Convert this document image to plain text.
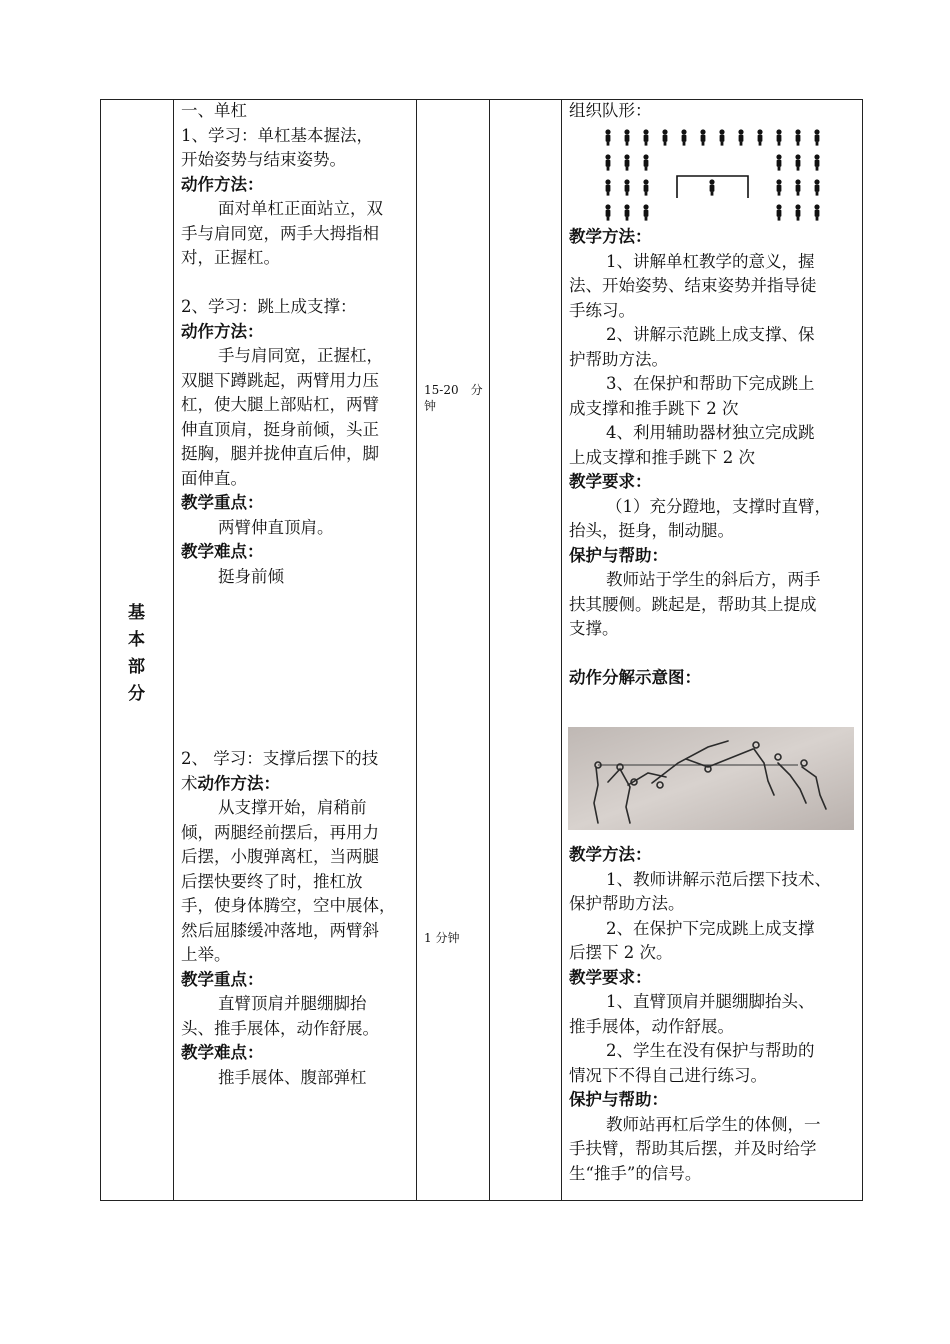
基
本
部
分

一、单杠

1、学习：单杠基本握法，

开始姿势与结束姿势。

动作方法：

面对单杠正面站立，双

手与肩同宽，两手大拇指相

对，正握杠。

2、学习：跳上成支撑：

动作方法：

手与肩同宽，正握杠，

双腿下蹲跳起，两臂用力压

杠，使大腿上部贴杠，两臂

伸直顶肩，挺身前倾，头正

挺胸，腿并拢伸直后伸，脚

面伸直。

教学重点：

两臂伸直顶肩。

教学难点：

挺身前倾

2、 学习：支撑后摆下的技

术动作方法：

从支撑开始，肩稍前

倾，两腿经前摆后，再用力

后摆，小腹弹离杠，当两腿

后摆快要终了时，推杠放

手，使身体腾空，空中展体，

然后屈膝缓冲落地，两臂斜

上举。

教学重点：

直臂顶肩并腿绷脚抬

头、推手展体，动作舒展。

教学难点：

推手展体、腹部弹杠

15-20　分

钟

1 分钟

组织队形：

教学方法：

1、讲解单杠教学的意义，握

法、开始姿势、结束姿势并指导徒

手练习。

2、讲解示范跳上成支撑、保

护帮助方法。

3、在保护和帮助下完成跳上

成支撑和推手跳下 2 次

4、利用辅助器材独立完成跳

上成支撑和推手跳下 2 次

教学要求：

（1）充分蹬地，支撑时直臂，

抬头，挺身，制动腿。

保护与帮助：

教师站于学生的斜后方，两手

扶其腰侧。跳起是，帮助其上提成

支撑。

动作分解示意图：

教学方法：

1、教师讲解示范后摆下技术、

保护帮助方法。

2、在保护下完成跳上成支撑

后摆下 2 次。

教学要求：

1、直臂顶肩并腿绷脚抬头、

推手展体，动作舒展。

2、学生在没有保护与帮助的

情况下不得自己进行练习。

保护与帮助：

教师站再杠后学生的体侧，一

手扶臂，帮助其后摆，并及时给学

生“推手”的信号。
